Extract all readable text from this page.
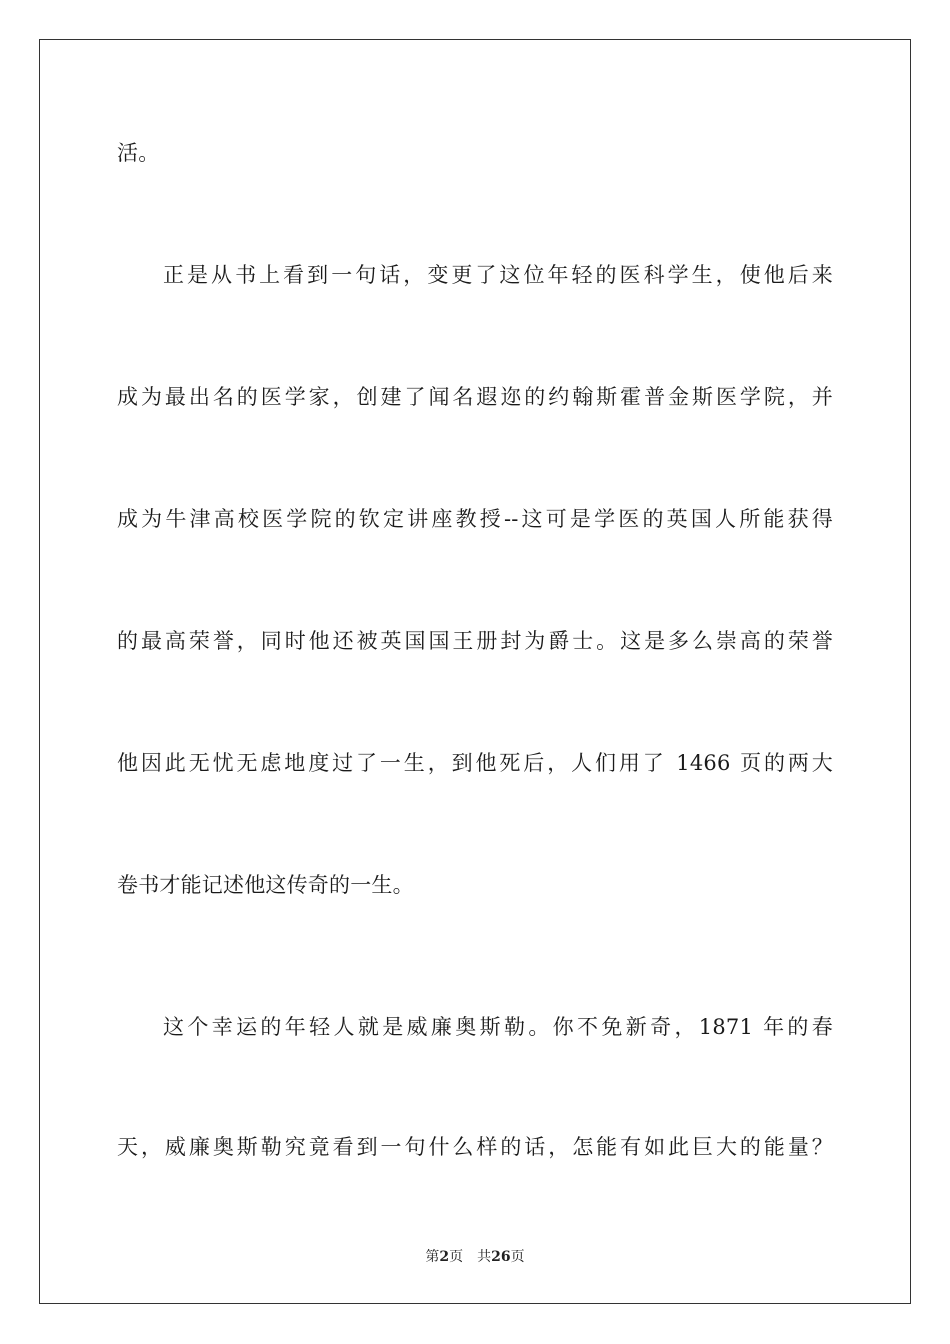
活。
正是从书上看到一句话，变更了这位年轻的医科学生，使他后来
成为最出名的医学家，创建了闻名遐迩的约翰斯霍普金斯医学院，并
成为牛津高校医学院的钦定讲座教授--这可是学医的英国人所能获得
的最高荣誉，同时他还被英国国王册封为爵士。这是多么崇高的荣誉
他因此无忧无虑地度过了一生，到他死后，人们用了 1466 页的两大
卷书才能记述他这传奇的一生。
这个幸运的年轻人就是威廉奥斯勒。你不免新奇，1871 年的春
天，威廉奥斯勒究竟看到一句什么样的话，怎能有如此巨大的能量？
第2页 共26页
